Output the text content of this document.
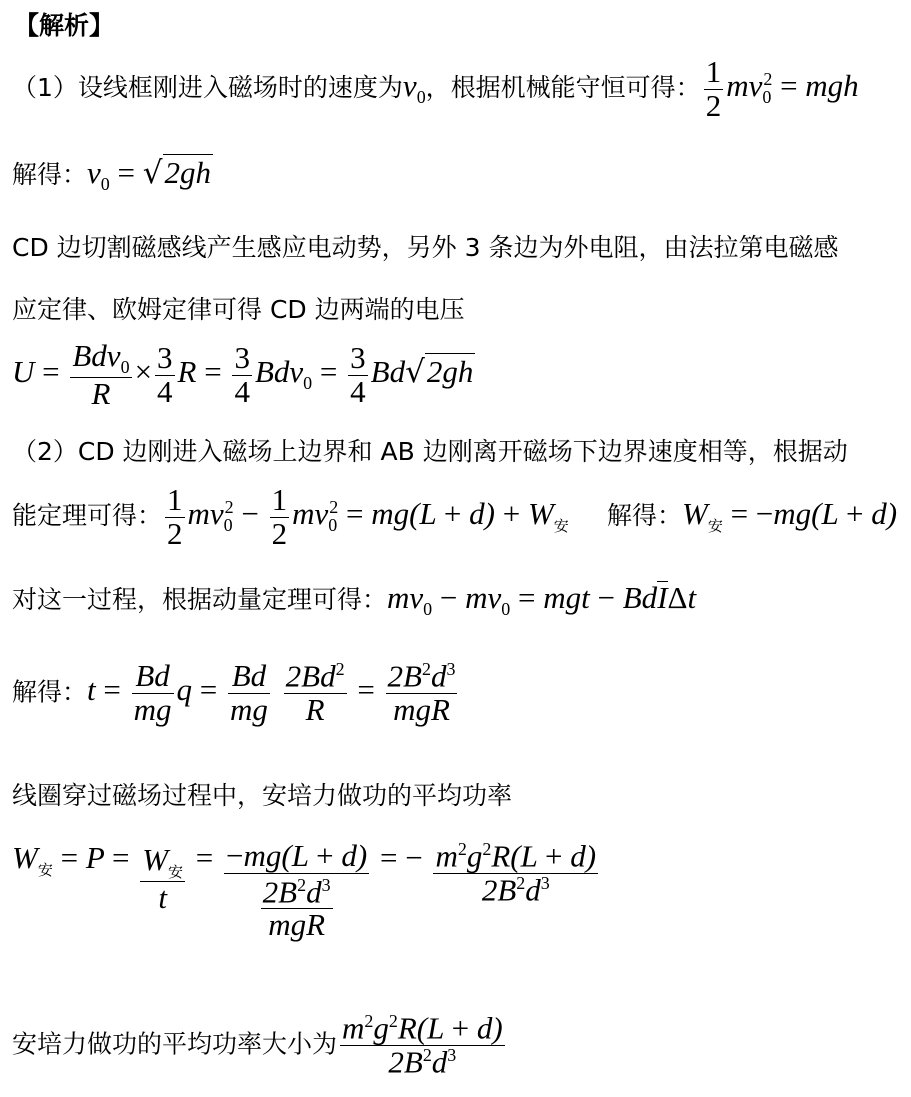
【解析】
（1）设线框刚进入磁场时的速度为$v_0$，根据机械能守恒可得： $\frac{1}{2} mv_0^2$ = mgh
解得：$v_0 = √2gh$
CD 边切割磁感线产生感应电动势，另外 3 条边为外电阻，由法拉第电磁感
应定律、欧姆定律可得 CD 边两端的电压
$U = \frac{Bdv_0}{R} \times \frac{3}{4}$ $R = \frac{3}{4} Bdv_0 = \frac{3}{4} Bd√2gh$
（2）CD 边刚进入磁场上边界和 AB 边刚离开磁场下边界速度相等，根据动
能定理可得： $\frac{1}{2} mv_0^2 - \frac{1}{2} mv_0^2 = mg(L + d) + W_安$ 解得：$W_安 = -mg(L + d)$
对这一过程，根据动量定理可得：$mv_0 - mv_0$ = mgt − BdIΔt
解得：$t = \frac{Bd}{mg}$ $q = \frac{Bd}{mg}$
$\frac{2Bd^2}{R} = \frac{2B^2d^3}{\text{mgR}}$
线圈穿过磁场过程中，安培力做功的平均功率
$W_安 = P = \frac{W_安}{t} = \frac{-mg(L + d)}{\frac{2B^2d^3}{\text{mgR}}}$ = − $\frac{m^2g^2R(L + d)}{2B^2d^3}$
安培力做功的平均功率大小为 $\frac{m^2g^2R(L + d)}{2B^2d^3}$
